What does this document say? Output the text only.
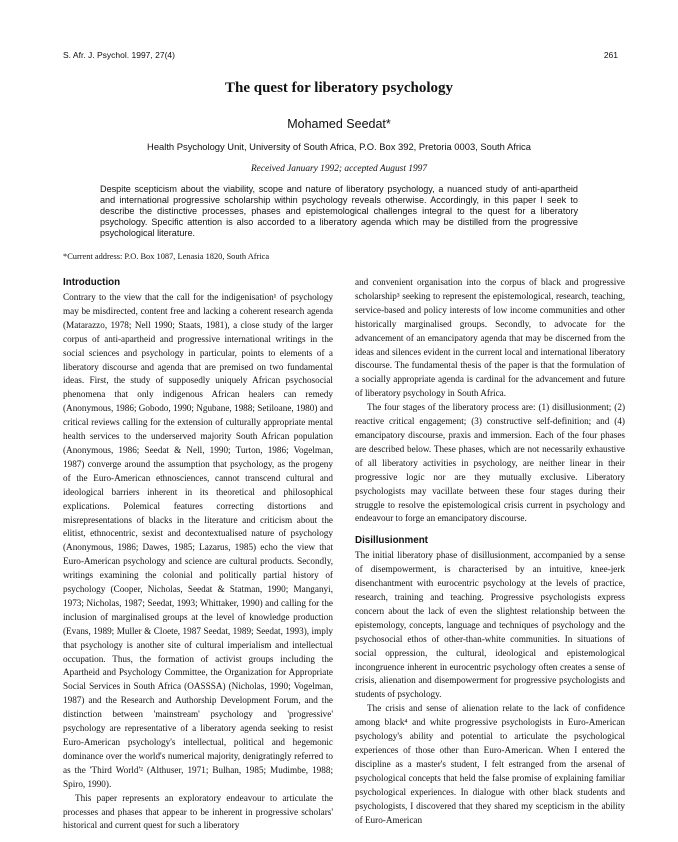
S. Afr. J. Psychol. 1997, 27(4)	261
The quest for liberatory psychology
Mohamed Seedat*
Health Psychology Unit, University of South Africa, P.O. Box 392, Pretoria 0003, South Africa
Received January 1992; accepted August 1997
Despite scepticism about the viability, scope and nature of liberatory psychology, a nuanced study of anti-apartheid and international progressive scholarship within psychology reveals otherwise. Accordingly, in this paper I seek to describe the distinctive processes, phases and epistemological challenges integral to the quest for a liberatory psychology. Specific attention is also accorded to a liberatory agenda which may be distilled from the progressive psychological literature.
*Current address: P.O. Box 1087, Lenasia 1820, South Africa
Introduction

Contrary to the view that the call for the indigenisation¹ of psychology may be misdirected, content free and lacking a coherent research agenda (Matarazzo, 1978; Nell 1990; Staats, 1981), a close study of the larger corpus of anti-apartheid and progressive international writings in the social sciences and psychology in particular, points to elements of a liberatory discourse and agenda that are premised on two fundamental ideas. First, the study of supposedly uniquely African psychosocial phenomena that only indigenous African healers can remedy (Anonymous, 1986; Gobodo, 1990; Ngubane, 1988; Setiloane, 1980) and critical reviews calling for the extension of culturally appropriate mental health services to the underserved majority South African population (Anonymous, 1986; Seedat & Nell, 1990; Turton, 1986; Vogelman, 1987) converge around the assumption that psychology, as the progeny of the Euro-American ethnosciences, cannot transcend cultural and ideological barriers inherent in its theoretical and philosophical explications. Polemical features correcting distortions and misrepresentations of blacks in the literature and criticism about the elitist, ethnocentric, sexist and decontextualised nature of psychology (Anonymous, 1986; Dawes, 1985; Lazarus, 1985) echo the view that Euro-American psychology and science are cultural products. Secondly, writings examining the colonial and politically partial history of psychology (Cooper, Nicholas, Seedat & Statman, 1990; Manganyi, 1973; Nicholas, 1987; Seedat, 1993; Whittaker, 1990) and calling for the inclusion of marginalised groups at the level of knowledge production (Evans, 1989; Muller & Cloete, 1987 Seedat, 1989; Seedat, 1993), imply that psychology is another site of cultural imperialism and intellectual occupation. Thus, the formation of activist groups including the Apartheid and Psychology Committee, the Organization for Appropriate Social Services in South Africa (OASSSA) (Nicholas, 1990; Vogelman, 1987) and the Research and Authorship Development Forum, and the distinction between 'mainstream' psychology and 'progressive' psychology are representative of a liberatory agenda seeking to resist Euro-American psychology's intellectual, political and hegemonic dominance over the world's numerical majority, denigratingly referred to as the 'Third World'² (Althuser, 1971; Bulhan, 1985; Mudimbe, 1988; Spiro, 1990).

This paper represents an exploratory endeavour to articulate the processes and phases that appear to be inherent in progressive scholars' historical and current quest for such a liberatory

and convenient organisation into the corpus of black and progressive scholarship³ seeking to represent the epistemological, research, teaching, service-based and policy interests of low income communities and other historically marginalised groups. Secondly, to advocate for the advancement of an emancipatory agenda that may be discerned from the ideas and silences evident in the current local and international liberatory discourse. The fundamental thesis of the paper is that the formulation of a socially appropriate agenda is cardinal for the advancement and future of liberatory psychology in South Africa.

The four stages of the liberatory process are: (1) disillusionment; (2) reactive critical engagement; (3) constructive self-definition; and (4) emancipatory discourse, praxis and immersion. Each of the four phases are described below. These phases, which are not necessarily exhaustive of all liberatory activities in psychology, are neither linear in their progressive logic nor are they mutually exclusive. Liberatory psychologists may vacillate between these four stages during their struggle to resolve the epistemological crisis current in psychology and endeavour to forge an emancipatory discourse.

Disillusionment

The initial liberatory phase of disillusionment, accompanied by a sense of disempowerment, is characterised by an intuitive, knee-jerk disenchantment with eurocentric psychology at the levels of practice, research, training and teaching. Progressive psychologists express concern about the lack of even the slightest relationship between the epistemology, concepts, language and techniques of psychology and the psychosocial ethos of other-than-white communities. In situations of social oppression, the cultural, ideological and epistemological incongruence inherent in eurocentric psychology often creates a sense of crisis, alienation and disempowerment for progressive psychologists and students of psychology.

The crisis and sense of alienation relate to the lack of confidence among black⁴ and white progressive psychologists in Euro-American psychology's ability and potential to articulate the psychological experiences of those other than Euro-American. When I entered the discipline as a master's student, I felt estranged from the arsenal of psychological concepts that held the false promise of explaining familiar psychological experiences. In dialogue with other black students and psychologists, I discovered that they shared my scepticism in the ability of Euro-American
